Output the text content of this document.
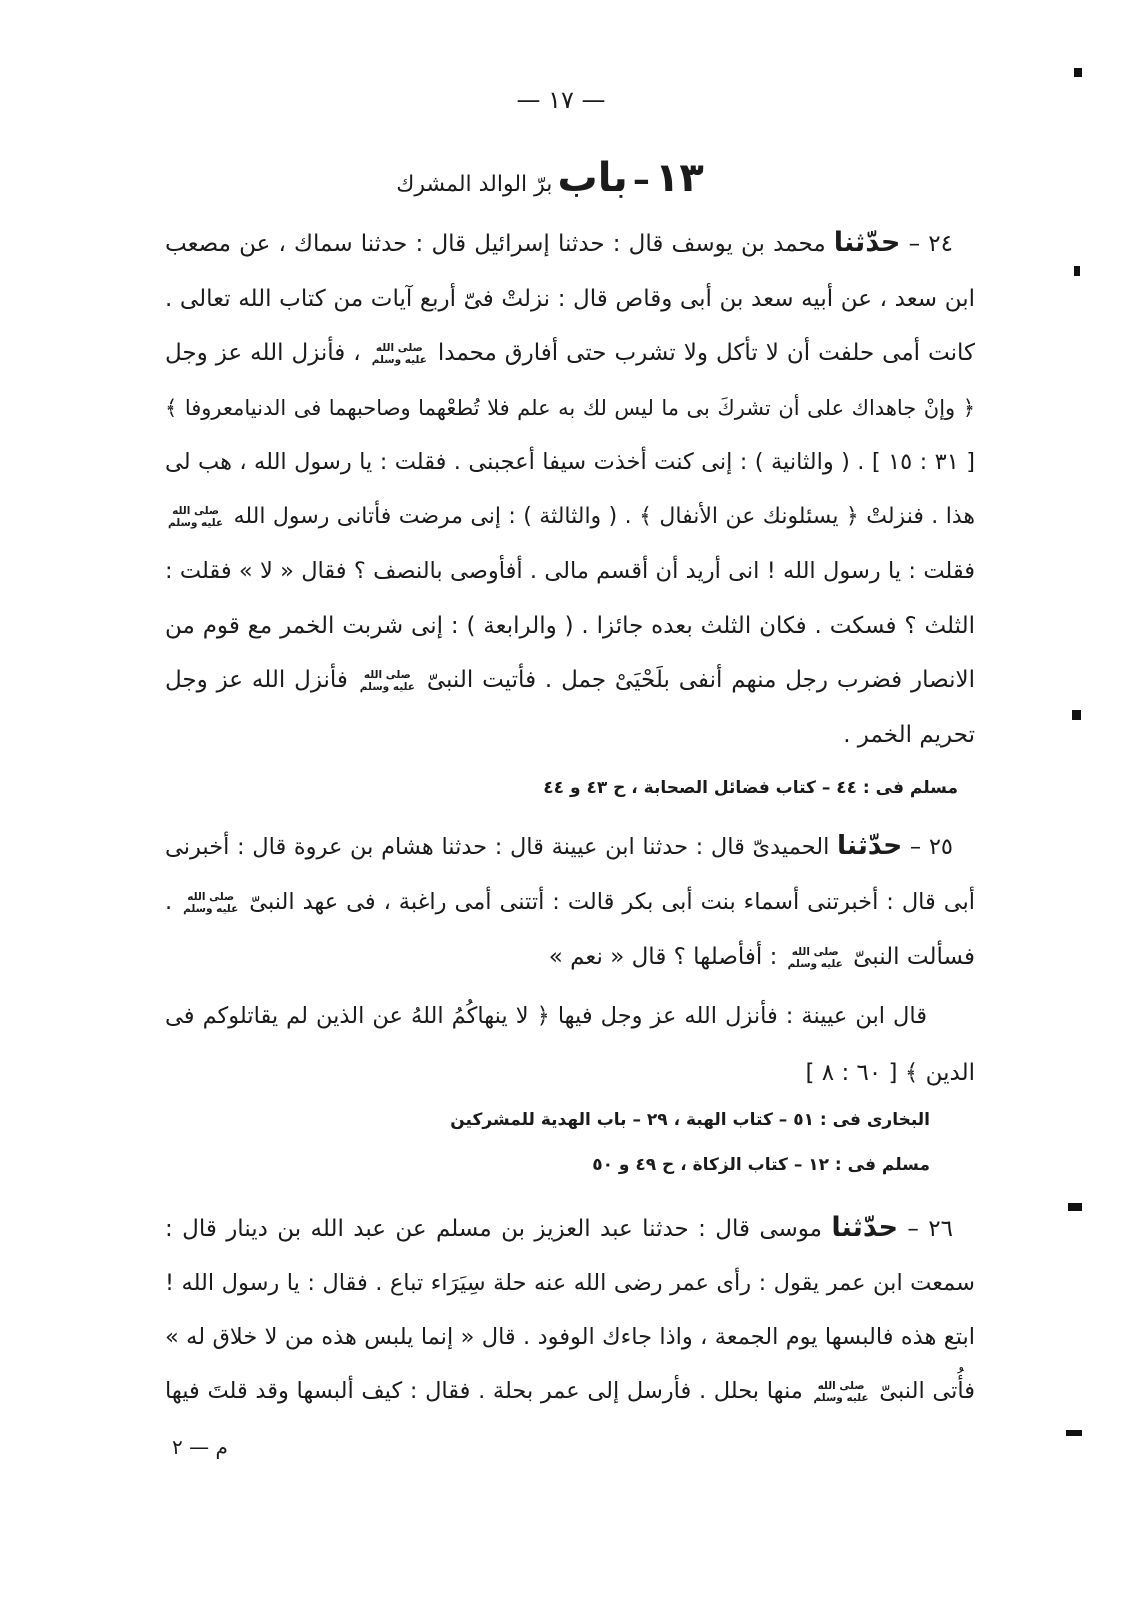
— ١٧ —
١٣ – باب برّ الوالد المشرك
٢٤ – حدّثنا محمد بن يوسف قال : حدثنا إسرائيل قال : حدثنا سماك ، عن مصعب
ابن سعد ، عن أبيه سعد بن أبى وقاص قال : نزلتْ فىّ أربع آيات من كتاب الله تعالى .
كانت أمى حلفت أن لا تأكل ولا تشرب حتى أفارق محمدا
صلى الله
عليه وسلم
، فأنزل الله عز وجل
﴿ وإنْ جاهداك على أن تشركَ بى ما ليس لك به علم فلا تُطعْهما وصاحبهما فى الدنيامعروفا ﴾
[ ٣١ : ١٥ ] . ( والثانية ) : إنى كنت أخذت سيفا أعجبنى . فقلت : يا رسول الله ، هب لى
هذا . فنزلتْ ﴿ يسئلونك عن الأنفال ﴾ . ( والثالثة ) : إنى مرضت فأتانى رسول الله
صلى الله
عليه وسلم
فقلت : يا رسول الله ! انى أريد أن أقسم مالى . أفأوصى بالنصف ؟ فقال « لا » فقلت :
الثلث ؟ فسكت . فكان الثلث بعده جائزا . ( والرابعة ) : إنى شربت الخمر مع قوم من
الانصار فضرب رجل منهم أنفى بلَحْيَىْ جمل . فأتيت النبىّ
صلى الله
عليه وسلم
فأنزل الله عز وجل
تحريم الخمر .
مسلم فى : ٤٤ – كتاب فضائل الصحابة ، ح ٤٣ و ٤٤
٢٥ – حدّثنا الحميدىّ قال : حدثنا ابن عيينة قال : حدثنا هشام بن عروة قال : أخبرنى
أبى قال : أخبرتنى أسماء بنت أبى بكر قالت : أتتنى أمى راغبة ، فى عهد النبىّ
صلى الله
عليه وسلم
.
فسألت النبىّ
صلى الله
عليه وسلم
: أفأصلها ؟ قال « نعم »
قال ابن عيينة : فأنزل الله عز وجل فيها ﴿ لا ينهاكُمُ اللهُ عن الذين لم يقاتلوكم فى
الدين ﴾ [ ٦٠ : ٨ ]
البخارى فى : ٥١ – كتاب الهبة ، ٢٩ – باب الهدية للمشركين
مسلم فى : ١٢ – كتاب الزكاة ، ح ٤٩ و ٥٠
٢٦ – حدّثنا موسى قال : حدثنا عبد العزيز بن مسلم عن عبد الله بن دينار قال :
سمعت ابن عمر يقول : رأى عمر رضى الله عنه حلة سِيَرَاء تباع . فقال : يا رسول الله !
ابتع هذه فالبسها يوم الجمعة ، واذا جاءك الوفود . قال « إنما يلبس هذه من لا خلاق له »
فأُتى النبىّ
صلى الله
عليه وسلم
منها بحلل . فأرسل إلى عمر بحلة . فقال : كيف ألبسها وقد قلتَ فيها
م — ٢
